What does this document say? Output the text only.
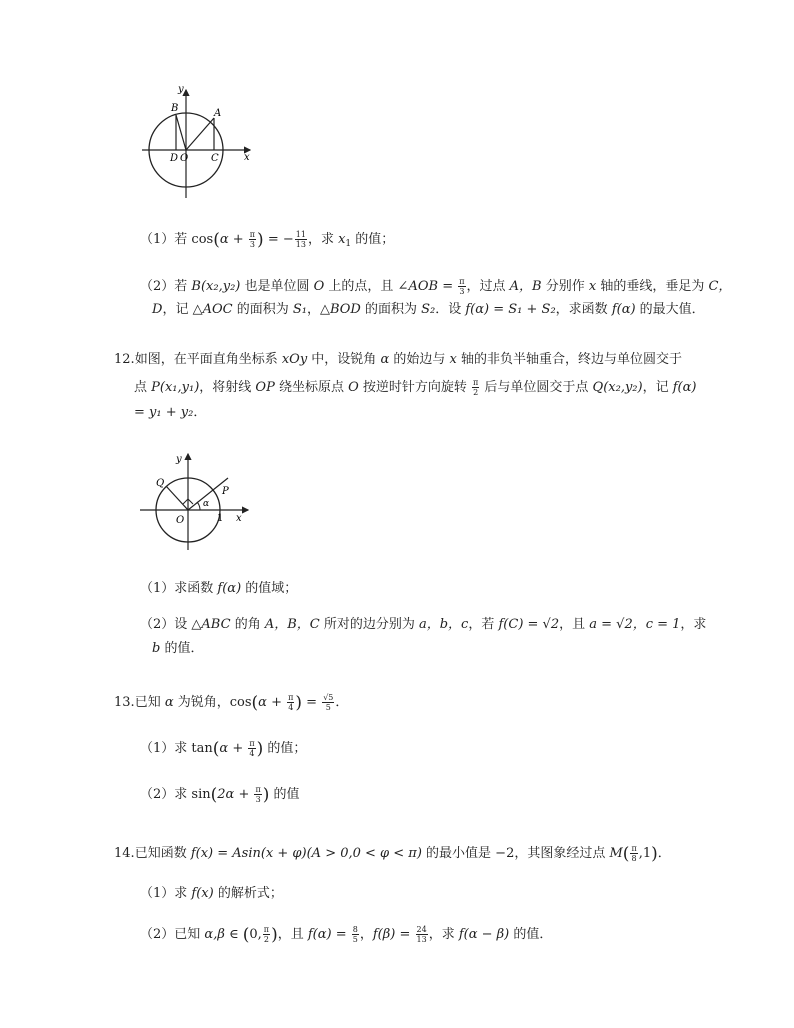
y
B	A
D O C	x
（1）若 $\cos(\alpha + \frac{\pi}{3}$ ) = − $\frac{11}{13}$ ，求 $x_1$ 的值；
（2）若 B(x₂,y₂) 也是单位圆 O 上的点，且 ∠AOB = $\frac{\pi}{3}$ ，过点 A，B 分别作 x 轴的垂线，垂足为 C，
D，记 △AOC 的面积为 S₁，△BOD 的面积为 S₂．设 f(α) = S₁ + S₂，求函数 f(α) 的最大值．
12.如图，在平面直角坐标系 xOy 中，设锐角 α 的始边与 x 轴的非负半轴重合，终边与单位圆交于
点 P(x₁,y₁)，将射线 OP 绕坐标原点 O 按逆时针方向旋转 $\frac{\pi}{2}$ 后与单位圆交于点 Q(x₂,y₂)，记 f(α)
= y₁ + y₂．
y
Q
P
α
O	1 x
（1）求函数 f(α) 的值域；
（2）设 △ABC 的角 A，B，C 所对的边分别为 a，b，c，若 f(C) = √2，且 a = √2，c = 1，求
b 的值．
13.已知 α 为锐角，$\cos(\alpha + \frac{\pi}{4}$ ) = $\frac{√5}{5}$ ．
（1）求 $\tan(\alpha + \frac{\pi}{4}$ ) 的值；
（2）求 $\sin(2\alpha + \frac{\pi}{3}$ ) 的值
14.已知函数 f(x) = Asin(x + φ)(A > 0,0 < φ < π) 的最小值是 −2，其图象经过点 $M( \frac{\pi}{8} ,1)$．
（1）求 f(x) 的解析式；
（2）已知 α,β ∈ (0, $\frac{\pi}{2}$ )，且 $f(\alpha) = \frac{8}{5}$ ，$f(\beta) = \frac{24}{13}$ ，求 f(α − β) 的值．
